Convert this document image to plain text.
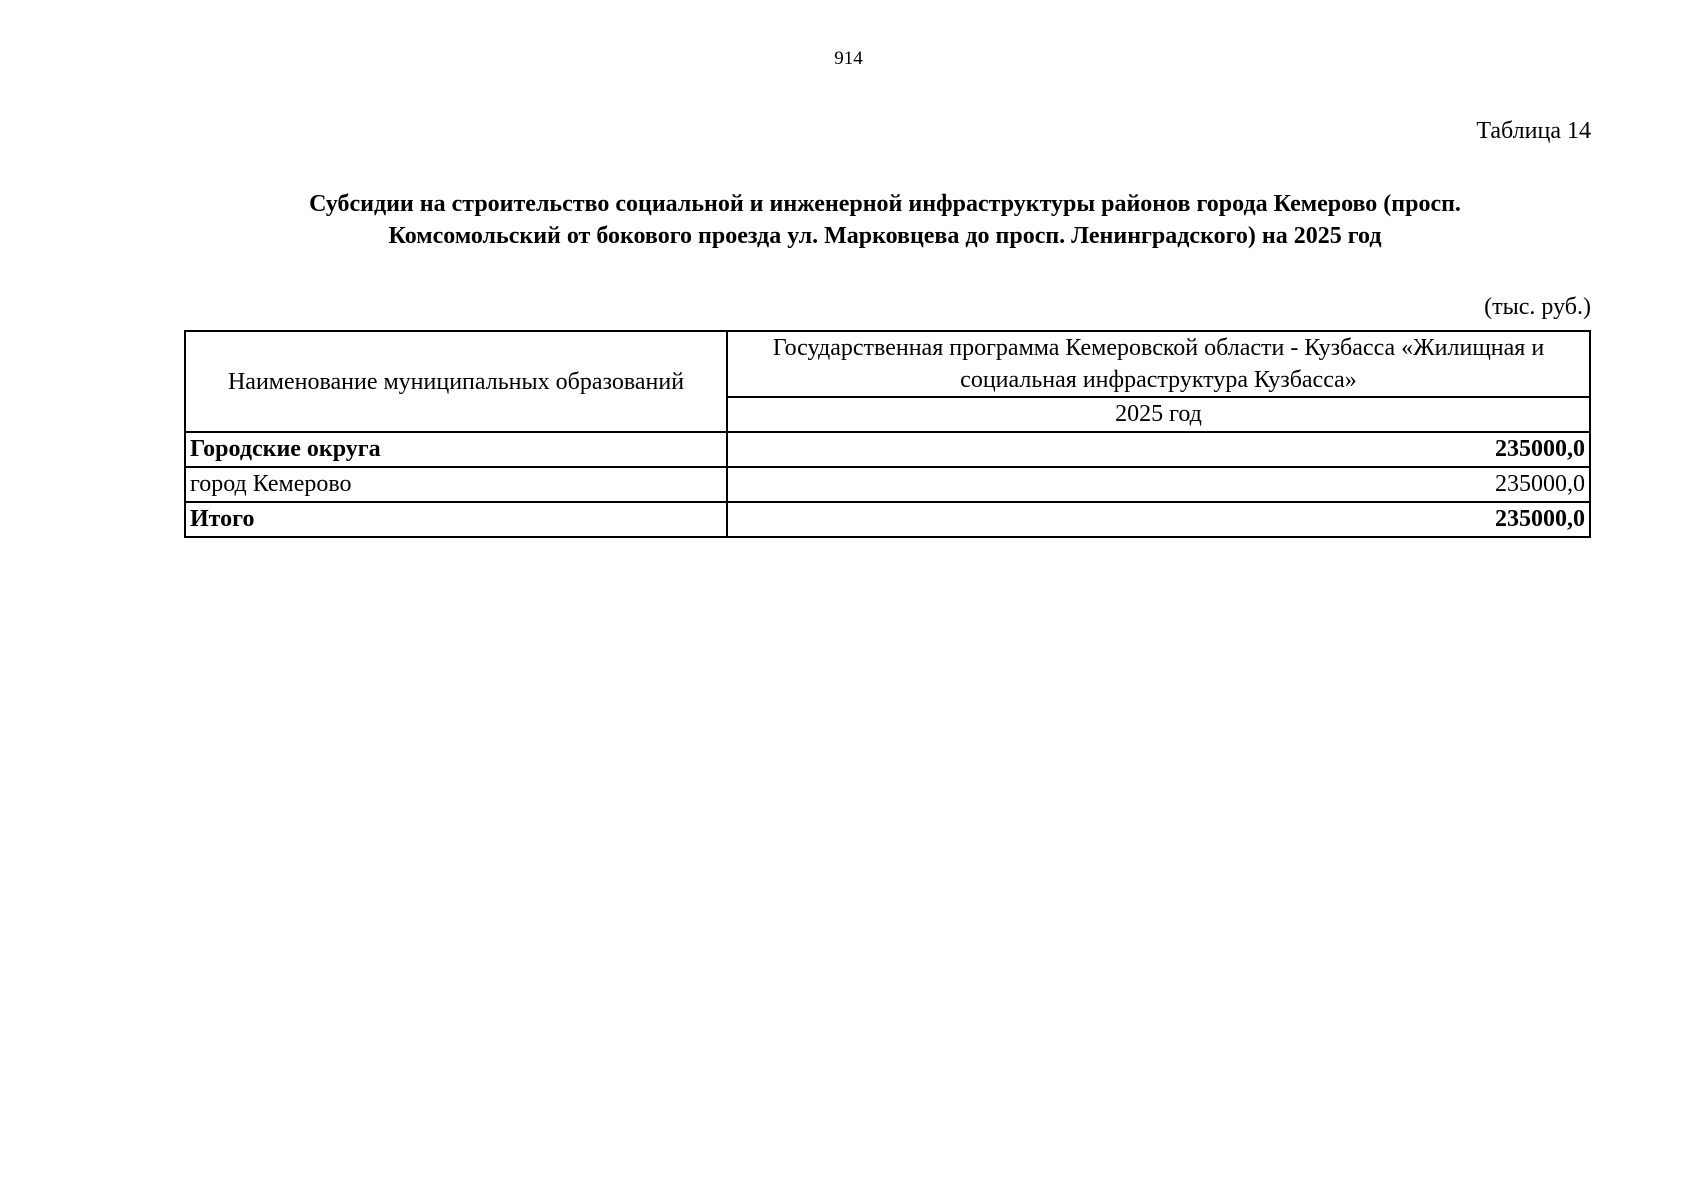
914
Таблица 14
Субсидии на строительство социальной и инженерной инфраструктуры районов города Кемерово (просп.
Комсомольский от бокового проезда ул. Марковцева до просп. Ленинградского) на 2025 год
(тыс. руб.)
Наименование муниципальных образований	Государственная программа Кемеровской области - Кузбасса «Жилищная и социальная инфраструктура Кузбасса»
	2025 год
Городские округа	235000,0
город Кемерово	235000,0
Итого	235000,0
